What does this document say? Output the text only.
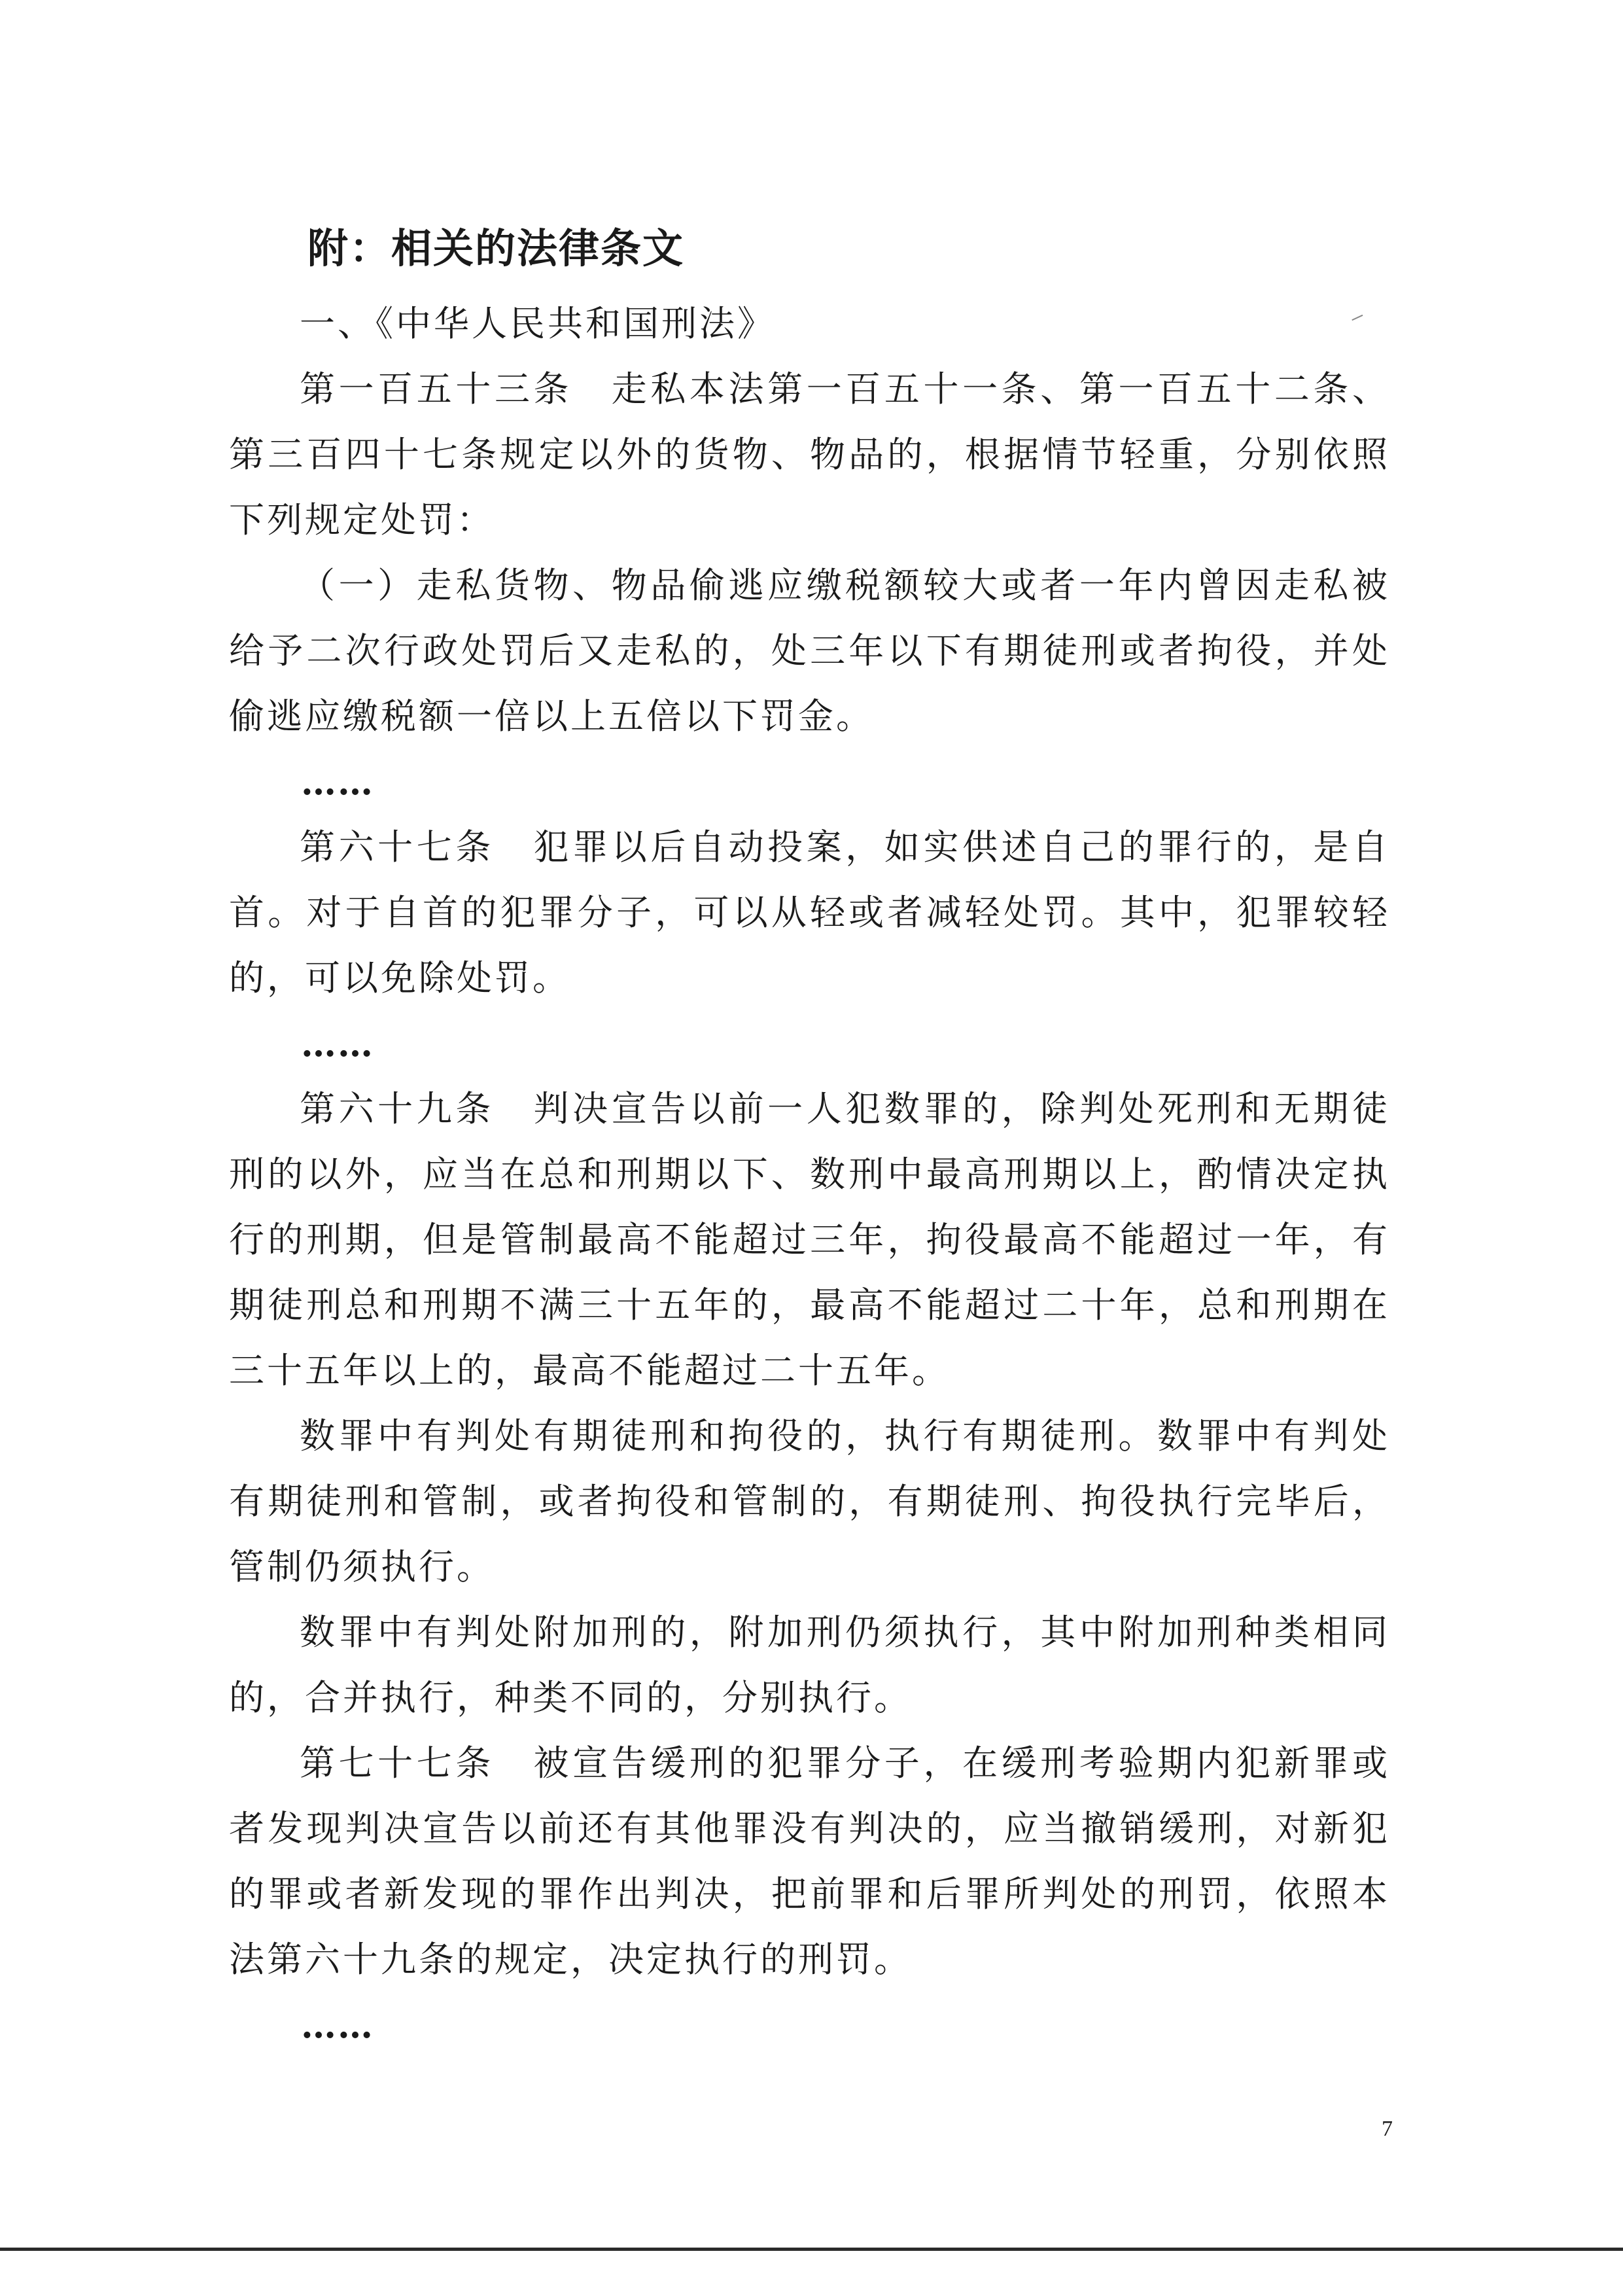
附：相关的法律条文

一、《中华人民共和国刑法》

第一百五十三条　走私本法第一百五十一条、第一百五十二条、第三百四十七条规定以外的货物、物品的，根据情节轻重，分别依照下列规定处罚：

（一）走私货物、物品偷逃应缴税额较大或者一年内曾因走私被给予二次行政处罚后又走私的，处三年以下有期徒刑或者拘役，并处偷逃应缴税额一倍以上五倍以下罚金。

……

第六十七条　犯罪以后自动投案，如实供述自己的罪行的，是自首。对于自首的犯罪分子，可以从轻或者减轻处罚。其中，犯罪较轻的，可以免除处罚。

……

第六十九条　判决宣告以前一人犯数罪的，除判处死刑和无期徒刑的以外，应当在总和刑期以下、数刑中最高刑期以上，酌情决定执行的刑期，但是管制最高不能超过三年，拘役最高不能超过一年，有期徒刑总和刑期不满三十五年的，最高不能超过二十年，总和刑期在三十五年以上的，最高不能超过二十五年。

数罪中有判处有期徒刑和拘役的，执行有期徒刑。数罪中有判处有期徒刑和管制，或者拘役和管制的，有期徒刑、拘役执行完毕后，管制仍须执行。

数罪中有判处附加刑的，附加刑仍须执行，其中附加刑种类相同的，合并执行，种类不同的，分别执行。

第七十七条　被宣告缓刑的犯罪分子，在缓刑考验期内犯新罪或者发现判决宣告以前还有其他罪没有判决的，应当撤销缓刑，对新犯的罪或者新发现的罪作出判决，把前罪和后罪所判处的刑罚，依照本法第六十九条的规定，决定执行的刑罚。

……

7
